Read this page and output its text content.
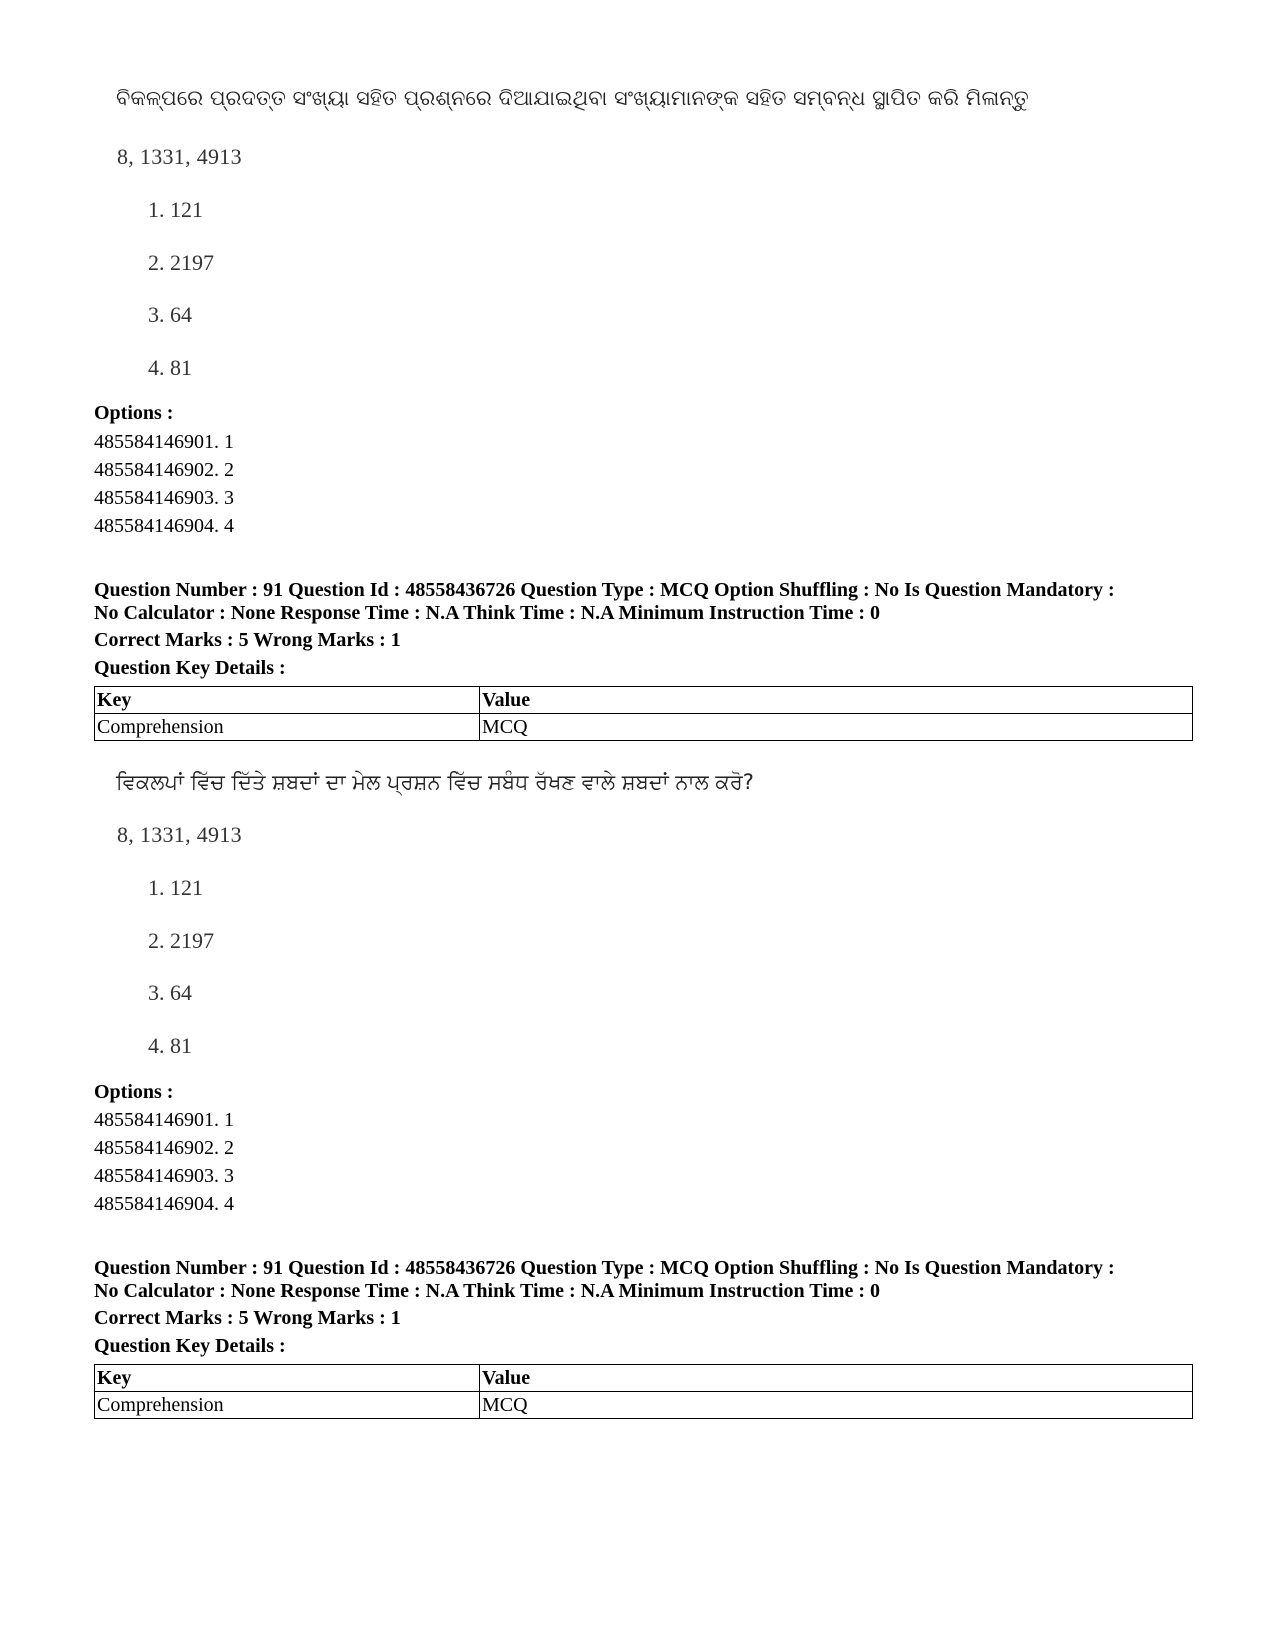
ବିକଳ୍ପରେ ପ୍ରଦତ୍ତ ସଂଖ୍ୟା ସହିତ ପ୍ରଶ୍ନରେ ଦିଆଯାଇଥିବା ସଂଖ୍ୟାମାନଙ୍କ ସହିତ ସମ୍ବନ୍ଧ ସ୍ଥାପିତ କରି ମିଳାନ୍ତୁ
8, 1331, 4913
1. 121
2. 2197
3. 64
4. 81
Options :
485584146901. 1
485584146902. 2
485584146903. 3
485584146904. 4
Question Number : 91 Question Id : 48558436726 Question Type : MCQ Option Shuffling : No Is Question Mandatory :
No Calculator : None Response Time : N.A Think Time : N.A Minimum Instruction Time : 0
Correct Marks : 5 Wrong Marks : 1
Question Key Details :
Key	Value
Comprehension	MCQ
ਵਿਕਲਪਾਂ ਵਿੱਚ ਦਿੱਤੇ ਸ਼ਬਦਾਂ ਦਾ ਮੇਲ ਪ੍ਰਸ਼ਨ ਵਿੱਚ ਸਬੰਧ ਰੱਖਣ ਵਾਲੇ ਸ਼ਬਦਾਂ ਨਾਲ ਕਰੋ?
8, 1331, 4913
1. 121
2. 2197
3. 64
4. 81
Options :
485584146901. 1
485584146902. 2
485584146903. 3
485584146904. 4
Question Number : 91 Question Id : 48558436726 Question Type : MCQ Option Shuffling : No Is Question Mandatory :
No Calculator : None Response Time : N.A Think Time : N.A Minimum Instruction Time : 0
Correct Marks : 5 Wrong Marks : 1
Question Key Details :
Key	Value
Comprehension	MCQ
